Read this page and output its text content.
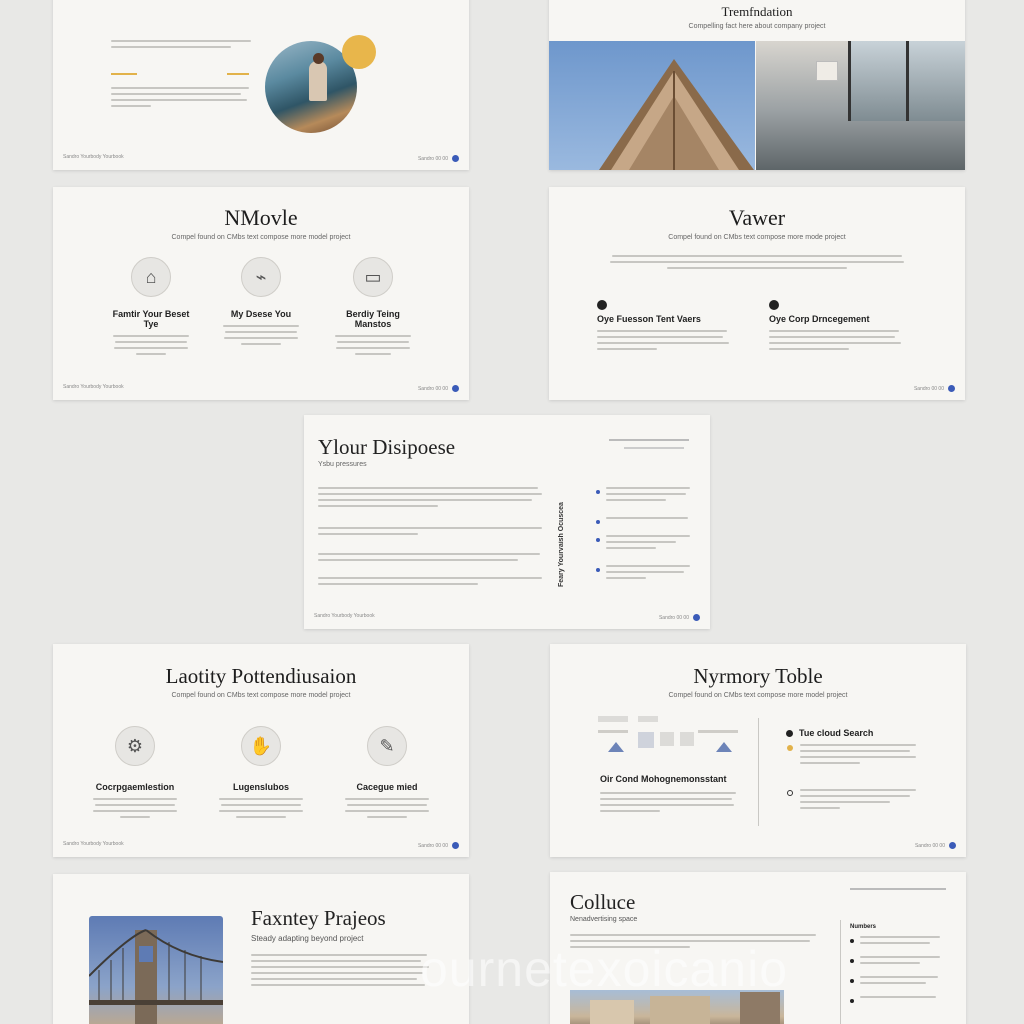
Sandro Yourbody Yourbook	Sandro 00 00
Tremfndation
Compelling fact here about company project
NMovle
Compel found on CMbs text compose more model project
⌂
Famtir Your Beset Tye
⌁
My Dsese You
▭
Berdiy Teing Manstos
Sandro Yourbody Yourbook	Sandro 00 00
Vawer
Compel found on CMbs text compose more mode project
Oye Fuesson Tent Vaers	Oye Corp Drncegement
Sandro 00 00
Ylour Disipoese
Ysbu pressures
Feary Yourvaish Ocuscea
Sandro Yourbody Yourbook	Sandro 00 00
Laotity Pottendiusaion
Compel found on CMbs text compose more model project
⚙
Cocrpgaemlestion
✋
Lugenslubos
✎
Cacegue mied
Sandro Yourbody Yourbook	Sandro 00 00
Nyrmory Toble
Compel found on CMbs text compose more model project
Oir Cond Mohognemonsstant
Tue cloud Search
Sandro 00 00
Faxntey Prajeos
Steady adapting beyond project
Colluce
Nenadvertising space
Numbers
ournetexoicanio
